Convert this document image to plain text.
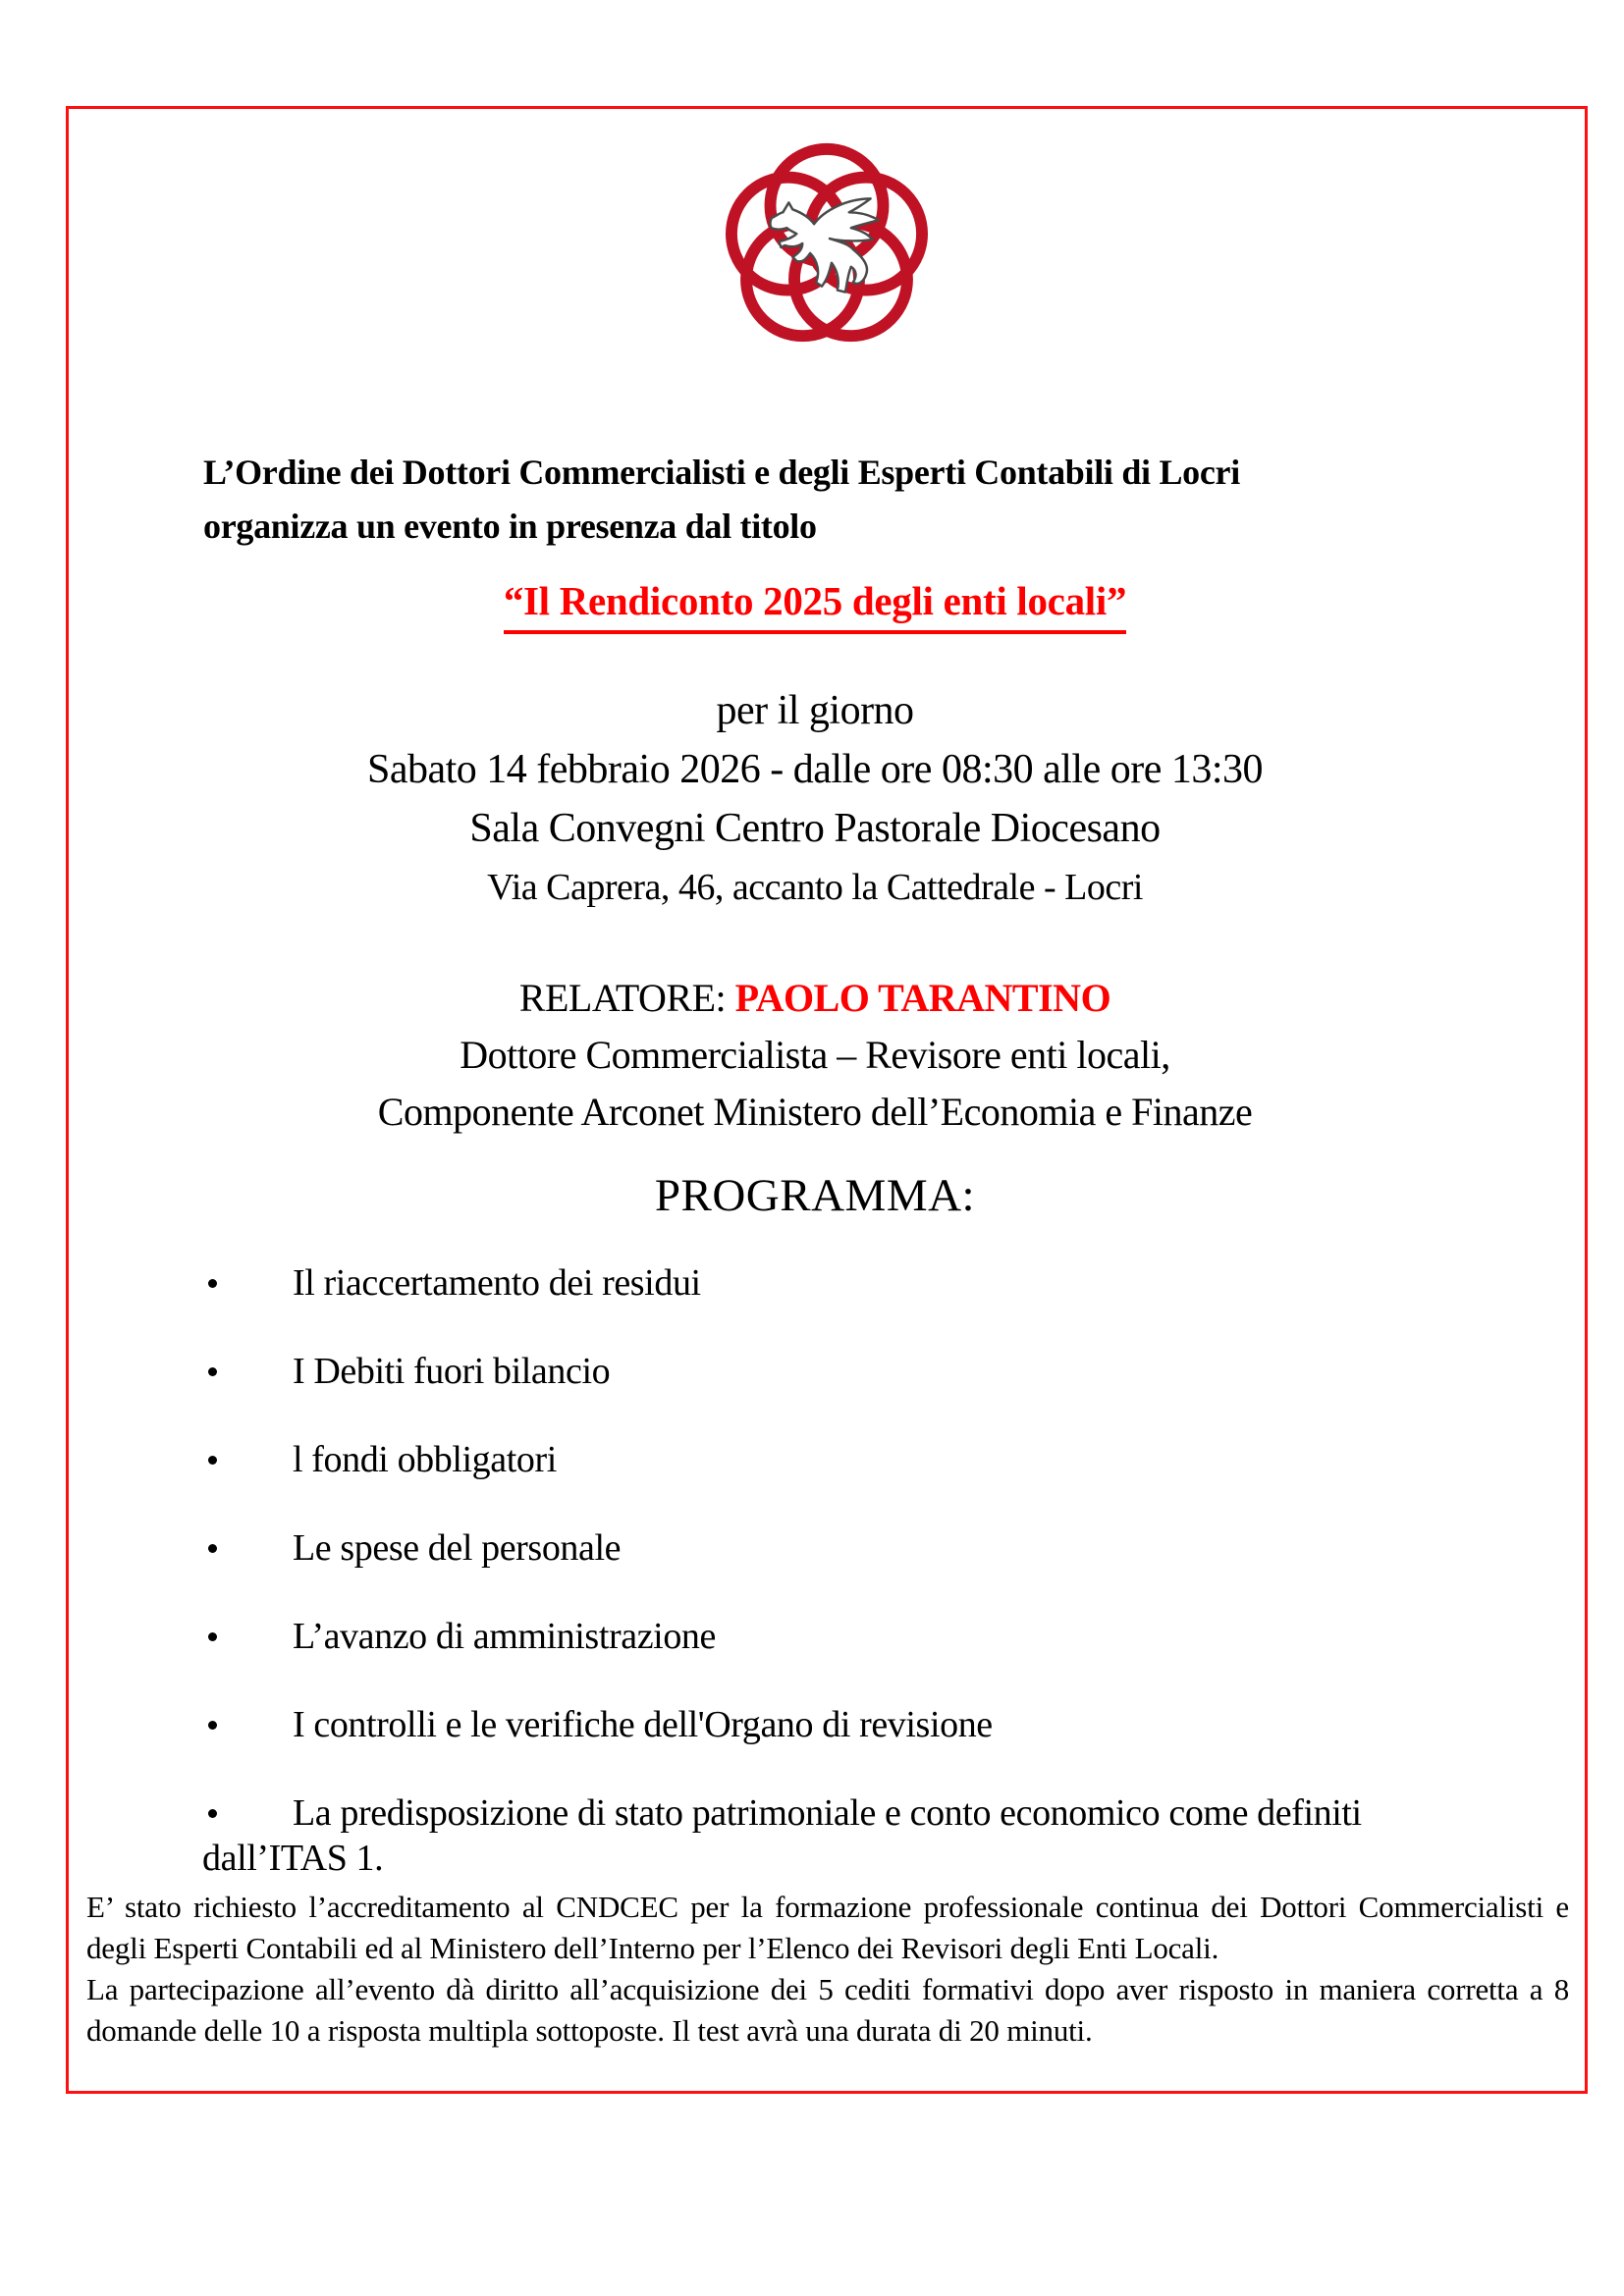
L’Ordine dei Dottori Commercialisti e degli Esperti Contabili di Locri
organizza un evento in presenza dal titolo
“Il Rendiconto 2025 degli enti locali”
per il giorno
Sabato 14 febbraio 2026 - dalle ore 08:30 alle ore 13:30
Sala Convegni Centro Pastorale Diocesano
Via Caprera, 46, accanto la Cattedrale - Locri
RELATORE: PAOLO TARANTINO
Dottore Commercialista – Revisore enti locali,
Componente Arconet Ministero dell’Economia e Finanze
PROGRAMMA:
Il riaccertamento dei residui
I Debiti fuori bilancio
l fondi obbligatori
Le spese del personale
L’avanzo di amministrazione
I controlli e le verifiche dell'Organo di revisione
La predisposizione di stato patrimoniale e conto economico come definiti dall’ITAS 1.
E’ stato richiesto l’accreditamento al CNDCEC per la formazione professionale continua dei Dottori Commercialisti e degli Esperti Contabili ed al Ministero dell’Interno per l’Elenco dei Revisori degli Enti Locali.
La partecipazione all’evento dà diritto all’acquisizione dei 5 cediti formativi dopo aver risposto in maniera corretta a 8 domande delle 10 a risposta multipla sottoposte. Il test avrà una durata di 20 minuti.
